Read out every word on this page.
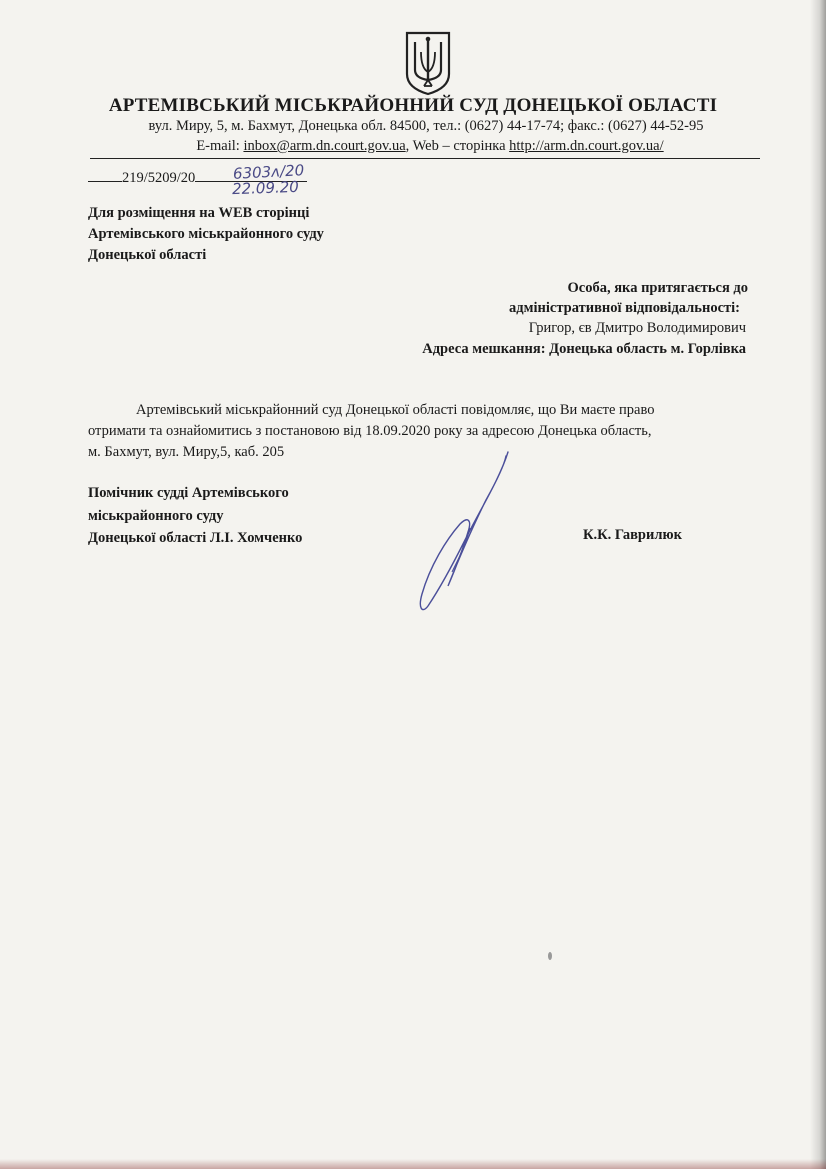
АРТЕМІВСЬКИЙ МІСЬКРАЙОННИЙ СУД ДОНЕЦЬКОЇ ОБЛАСТІ
вул. Миру, 5, м. Бахмут, Донецька обл. 84500, тел.: (0627) 44-17-74; факс.: (0627) 44-52-95
E-mail: inbox@arm.dn.court.gov.ua, Web – сторінка http://arm.dn.court.gov.ua/
219/5209/20	6303ᴧ/20
22.09.20
Для розміщення на WEB сторінці
Артемівського міськрайонного суду
Донецької області
Особа, яка притягається до
адміністративної відповідальності:
Григор, єв Дмитро Володимирович
Адреса мешкання: Донецька область м. Горлівка
Артемівський міськрайонний суд Донецької області повідомляє, що Ви маєте право
отримати та ознайомитись з постановою від 18.09.2020 року за адресою Донецька область,
м. Бахмут, вул. Миру,5, каб. 205
Помічник судді Артемівського
міськрайонного суду
Донецької області Л.І. Хомченко	К.К. Гаврилюк
